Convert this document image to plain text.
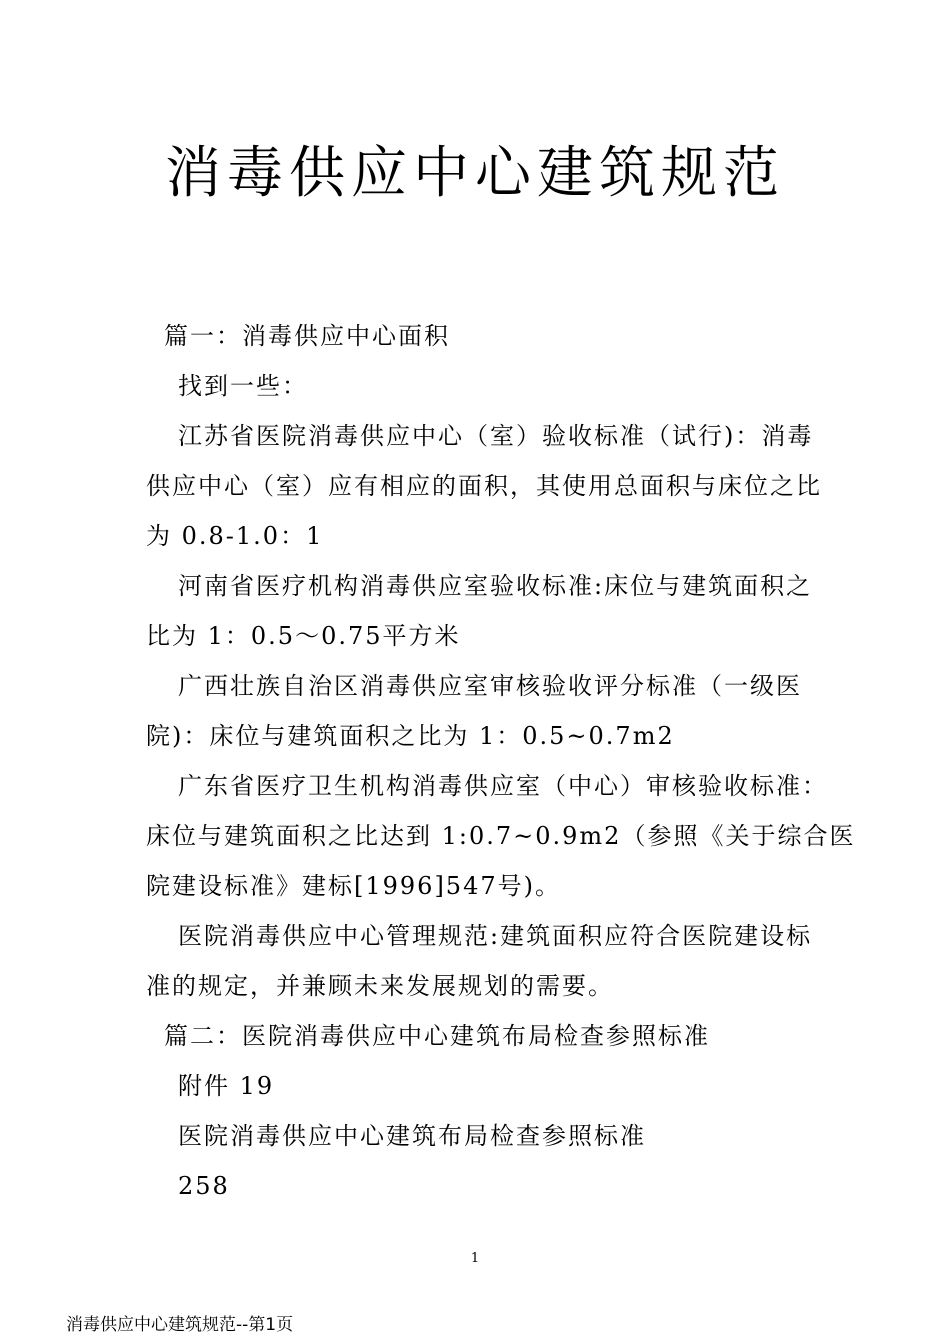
消毒供应中心建筑规范
篇一：消毒供应中心面积
找到一些：
江苏省医院消毒供应中心（室）验收标准（试行)：消毒
供应中心（室）应有相应的面积，其使用总面积与床位之比
为 0.8-1.0：1
河南省医疗机构消毒供应室验收标准:床位与建筑面积之
比为 1：0.5～0.75平方米
广西壮族自治区消毒供应室审核验收评分标准（一级医
院)：床位与建筑面积之比为 1：0.5~0.7m2
广东省医疗卫生机构消毒供应室（中心）审核验收标准：
床位与建筑面积之比达到 1:0.7~0.9m2（参照《关于综合医
院建设标准》建标[1996]547号)。
医院消毒供应中心管理规范:建筑面积应符合医院建设标
准的规定，并兼顾未来发展规划的需要。
篇二：医院消毒供应中心建筑布局检查参照标准
附件 19
医院消毒供应中心建筑布局检查参照标准
258
1
消毒供应中心建筑规范--第1页
